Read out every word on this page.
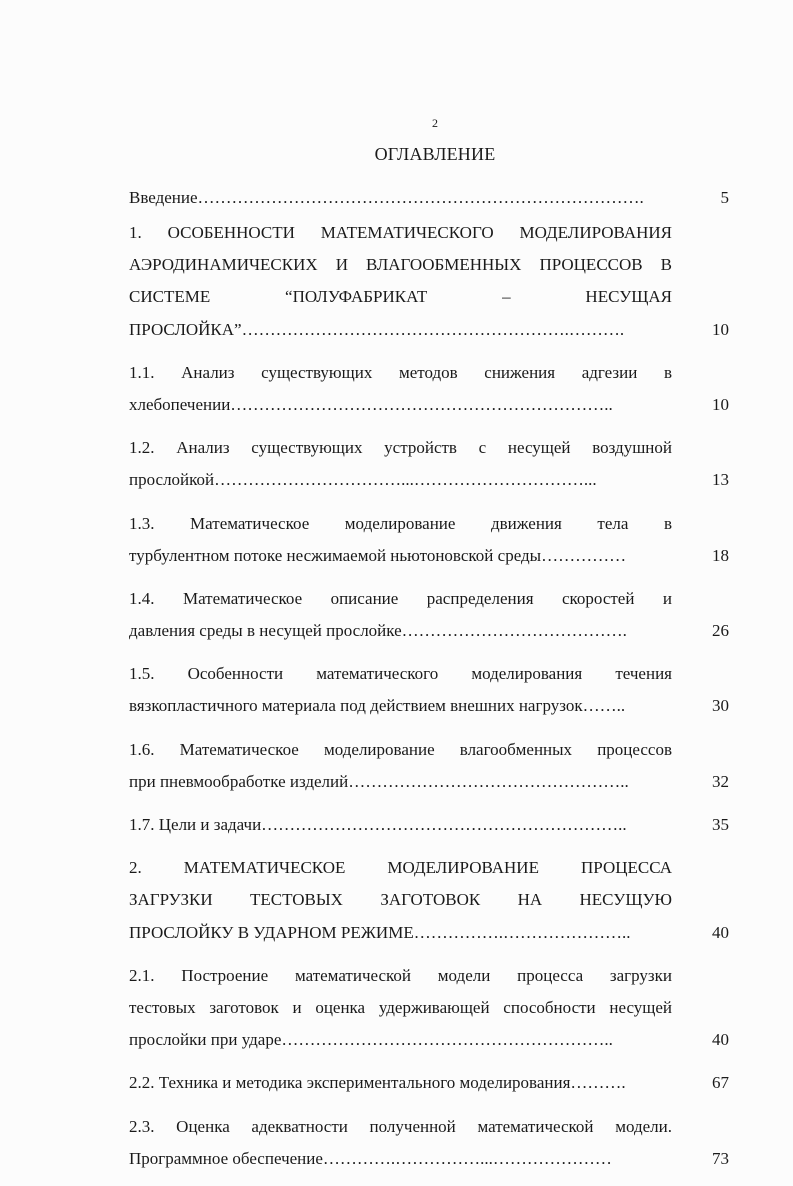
2
ОГЛАВЛЕНИЕ
Введение…………………………………………………………………….	5
1. ОСОБЕННОСТИ МАТЕМАТИЧЕСКОГО МОДЕЛИРОВАНИЯ
АЭРОДИНАМИЧЕСКИХ И ВЛАГООБМЕННЫХ ПРОЦЕССОВ В
СИСТЕМЕ “ПОЛУФАБРИКАТ – НЕСУЩАЯ
ПРОСЛОЙКА”………………………………………………….……….	10
1.1. Анализ существующих методов снижения адгезии в
хлебопечении…………………………………………………………..	10
1.2. Анализ существующих устройств с несущей воздушной
прослойкой……………………………...…………………………...	13
1.3. Математическое моделирование движения тела в
турбулентном потоке несжимаемой ньютоновской среды……………	18
1.4. Математическое описание распределения скоростей и
давления среды в несущей прослойке………………………………….	26
1.5. Особенности математического моделирования течения
вязкопластичного материала под действием внешних нагрузок……..	30
1.6. Математическое моделирование влагообменных процессов
при пневмообработке изделий…………………………………………..	32
1.7. Цели и задачи………………………………………………………..	35
2. МАТЕМАТИЧЕСКОЕ МОДЕЛИРОВАНИЕ ПРОЦЕССА
ЗАГРУЗКИ ТЕСТОВЫХ ЗАГОТОВОК НА НЕСУЩУЮ
ПРОСЛОЙКУ В УДАРНОМ РЕЖИМЕ…………….…………………..	40
2.1. Построение математической модели процесса загрузки
тестовых заготовок и оценка удерживающей способности несущей
прослойки при ударе…………………………………………………..	40
2.2. Техника и методика экспериментального моделирования……….	67
2.3. Оценка адекватности полученной математической модели.
Программное обеспечение………….……………...…………………	73
